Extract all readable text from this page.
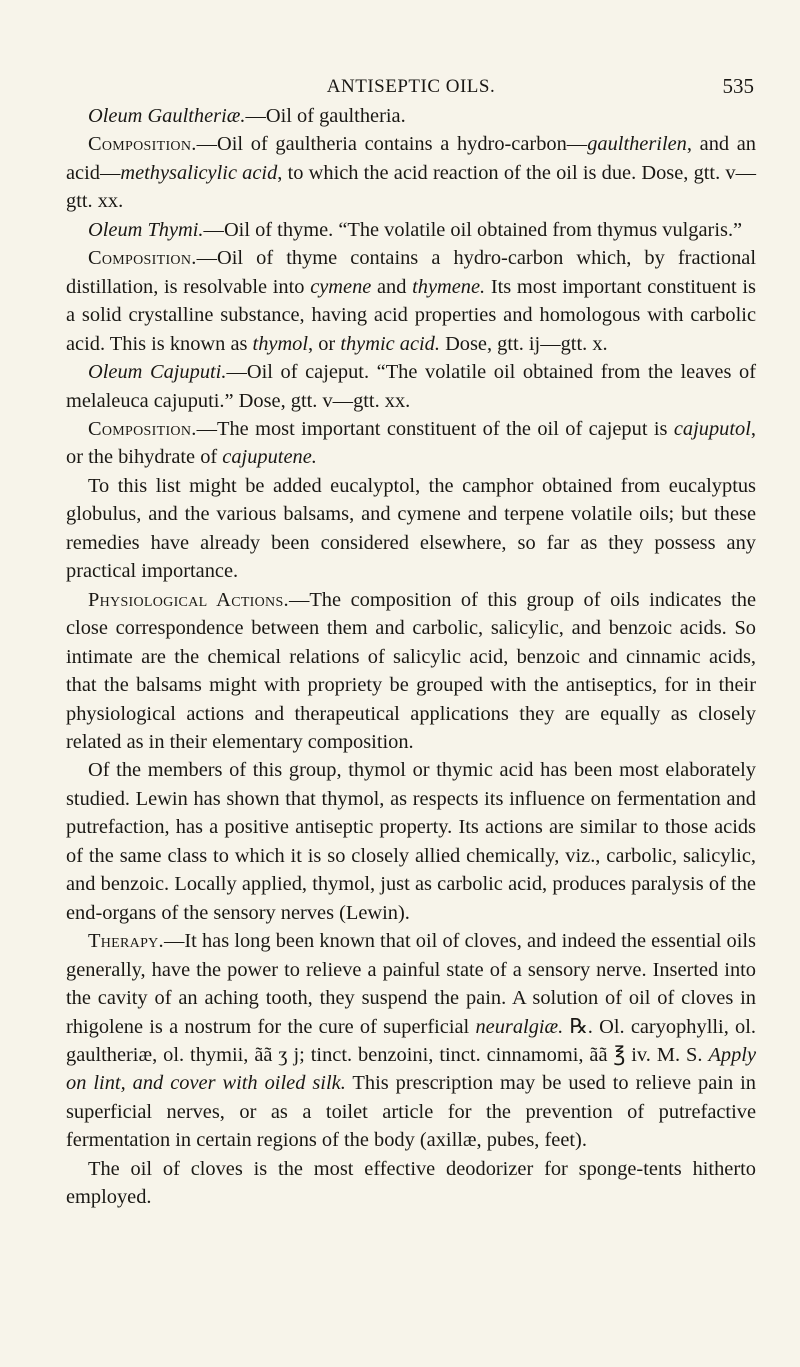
ANTISEPTIC OILS.	535

Oleum Gaultheriæ.—Oil of gaultheria.

Composition.—Oil of gaultheria contains a hydro-carbon—gaultherilen, and an acid—methysalicylic acid, to which the acid reaction of the oil is due. Dose, gtt. v—gtt. xx.

Oleum Thymi.—Oil of thyme. “The volatile oil obtained from thymus vulgaris.”

Composition.—Oil of thyme contains a hydro-carbon which, by fractional distillation, is resolvable into cymene and thymene. Its most important constituent is a solid crystalline substance, having acid properties and homologous with carbolic acid. This is known as thymol, or thymic acid. Dose, gtt. ij—gtt. x.

Oleum Cajuputi.—Oil of cajeput. “The volatile oil obtained from the leaves of melaleuca cajuputi.” Dose, gtt. v—gtt. xx.

Composition.—The most important constituent of the oil of cajeput is cajuputol, or the bihydrate of cajuputene.

To this list might be added eucalyptol, the camphor obtained from eucalyptus globulus, and the various balsams, and cymene and terpene volatile oils; but these remedies have already been considered elsewhere, so far as they possess any practical importance.

Physiological Actions.—The composition of this group of oils indicates the close correspondence between them and carbolic, salicylic, and benzoic acids. So intimate are the chemical relations of salicylic acid, benzoic and cinnamic acids, that the balsams might with propriety be grouped with the antiseptics, for in their physiological actions and therapeutical applications they are equally as closely related as in their elementary composition.

Of the members of this group, thymol or thymic acid has been most elaborately studied. Lewin has shown that thymol, as respects its influence on fermentation and putrefaction, has a positive antiseptic property. Its actions are similar to those acids of the same class to which it is so closely allied chemically, viz., carbolic, salicylic, and benzoic. Locally applied, thymol, just as carbolic acid, produces paralysis of the end-organs of the sensory nerves (Lewin).

Therapy.—It has long been known that oil of cloves, and indeed the essential oils generally, have the power to relieve a painful state of a sensory nerve. Inserted into the cavity of an aching tooth, they suspend the pain. A solution of oil of cloves in rhigolene is a nostrum for the cure of superficial neuralgiæ. ℞. Ol. caryophylli, ol. gaultheriæ, ol. thymii, ãã ʒ j; tinct. benzoini, tinct. cinnamomi, ãã ℥ iv. M. S. Apply on lint, and cover with oiled silk. This prescription may be used to relieve pain in superficial nerves, or as a toilet article for the prevention of putrefactive fermentation in certain regions of the body (axillæ, pubes, feet).

The oil of cloves is the most effective deodorizer for sponge-tents hitherto employed.
